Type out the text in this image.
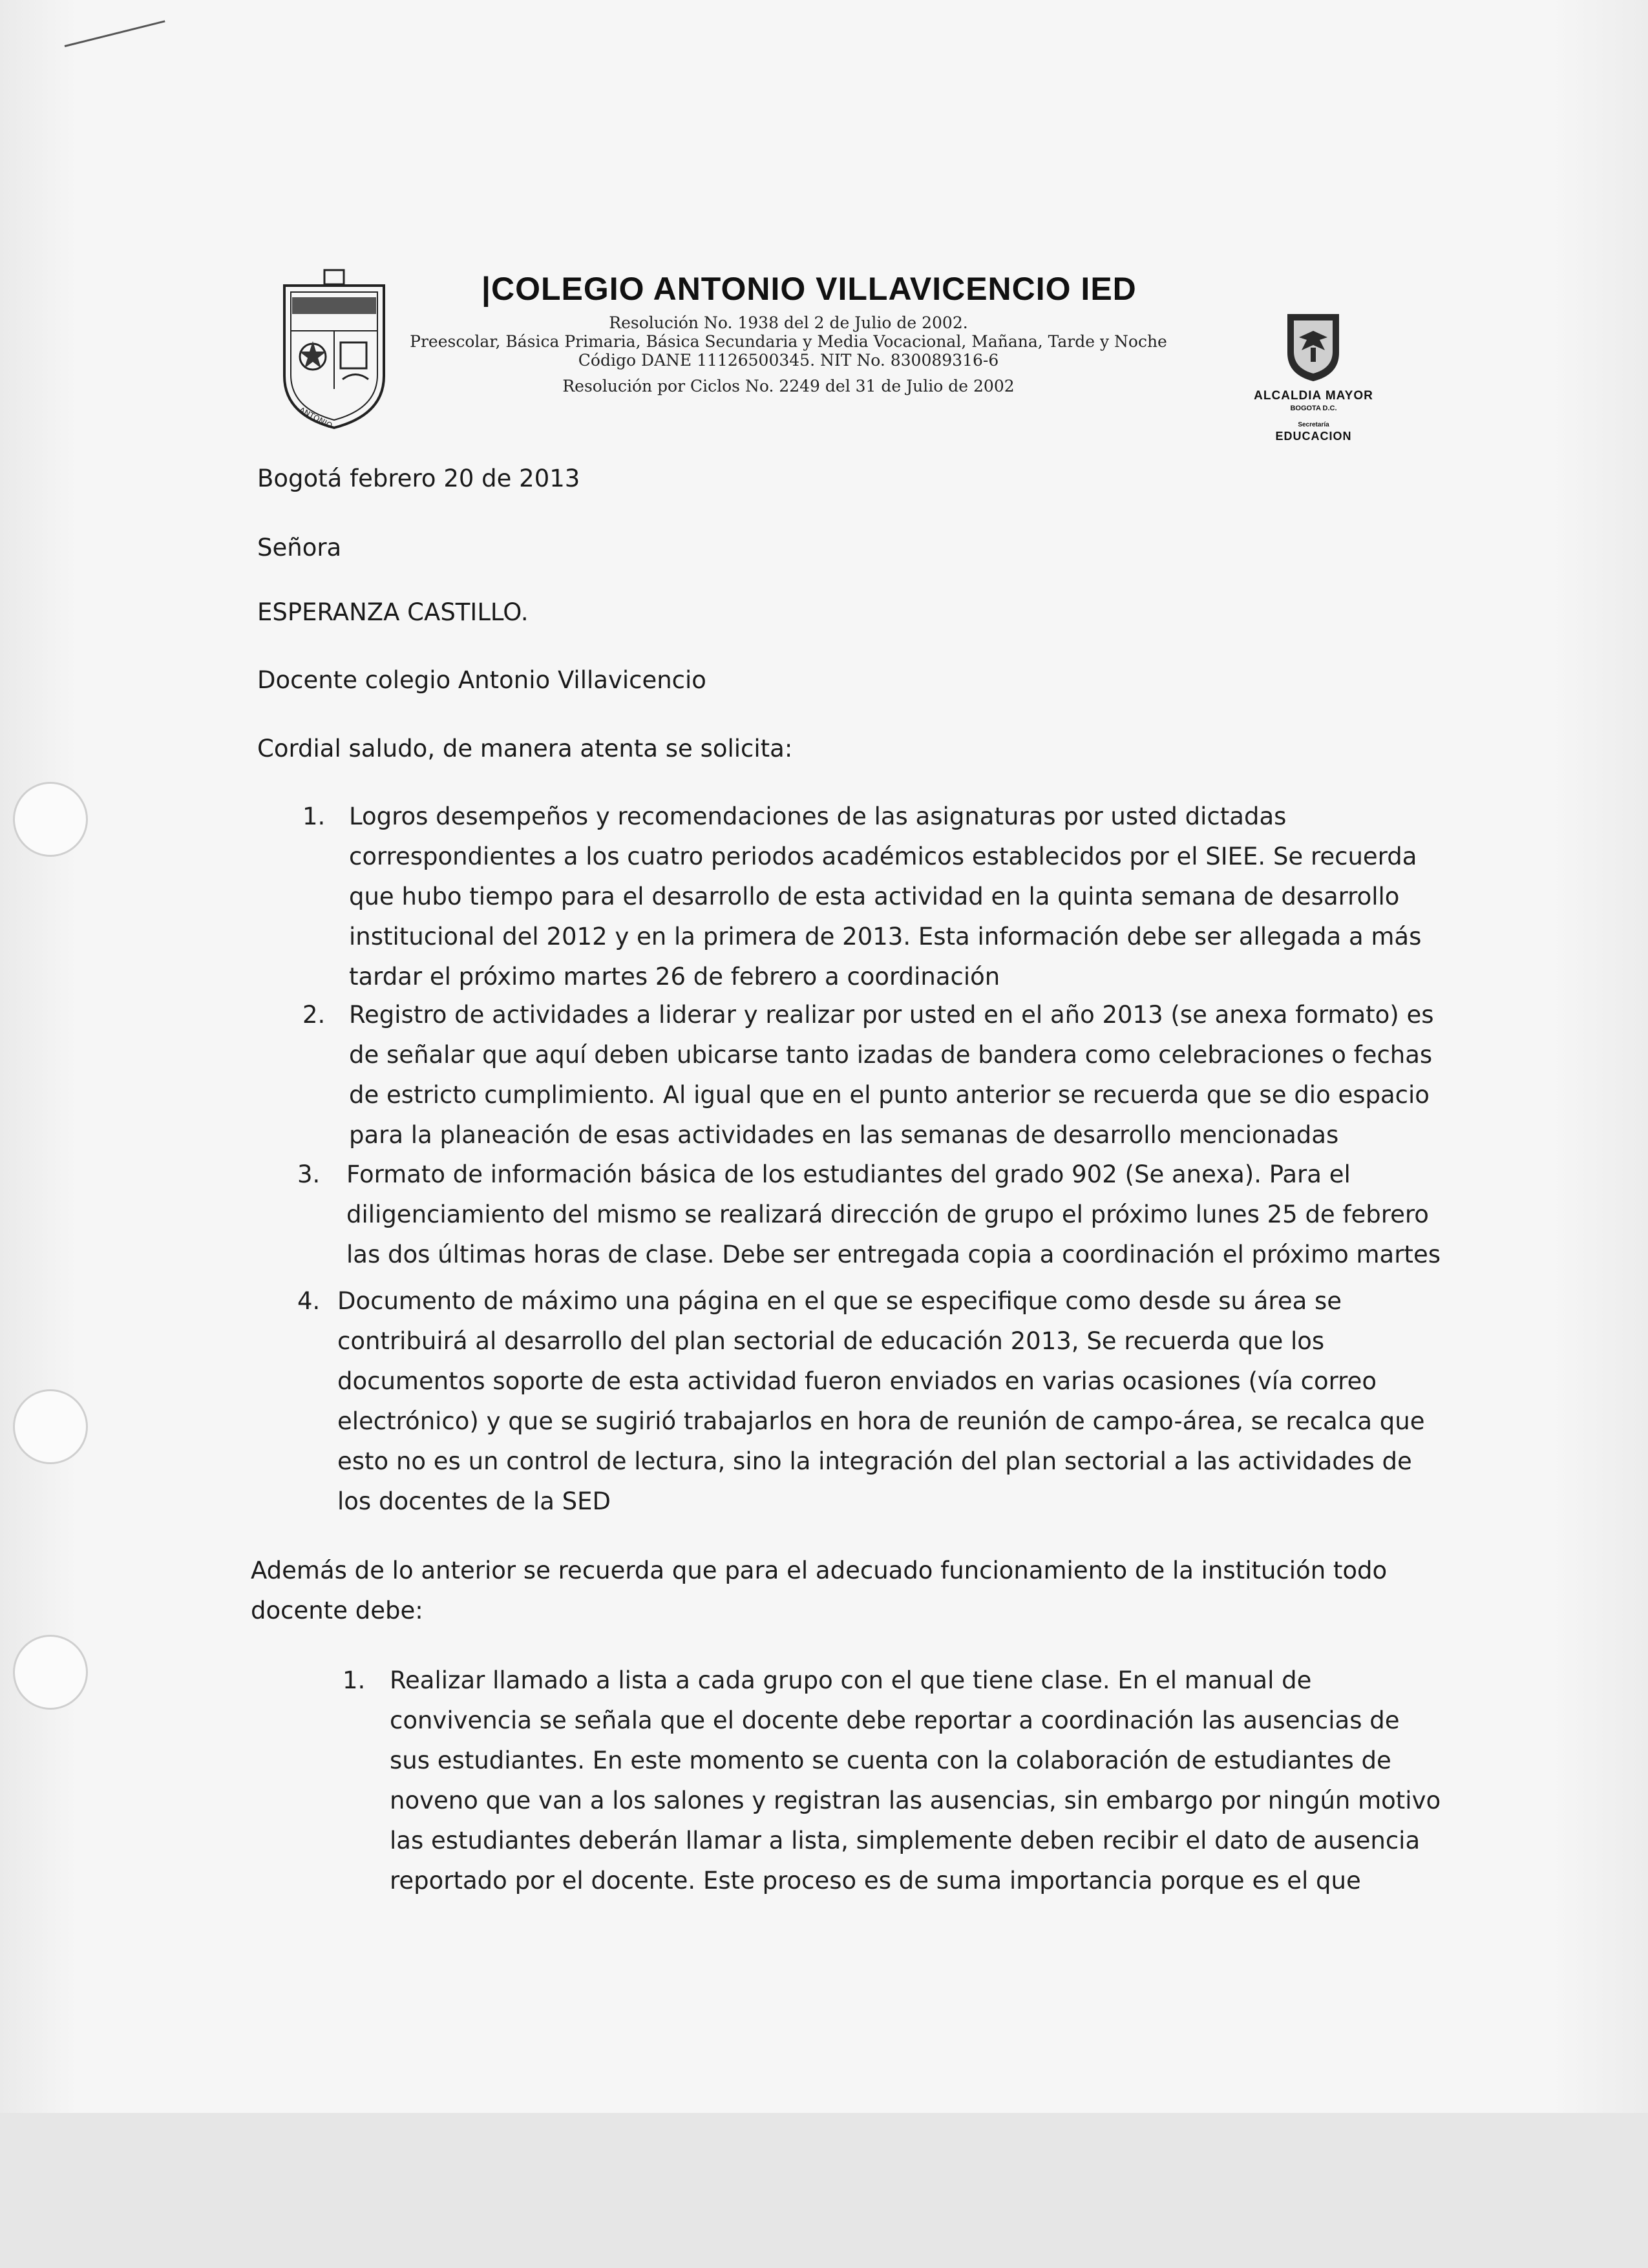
ANTONIO
|COLEGIO ANTONIO VILLAVICENCIO IED
Resolución No. 1938 del 2 de Julio de 2002.
Preescolar, Básica Primaria, Básica Secundaria y Media Vocacional, Mañana, Tarde y Noche
Código DANE 11126500345. NIT No. 830089316-6
Resolución por Ciclos No. 2249 del 31 de Julio de 2002
ALCALDIA MAYOR
BOGOTA D.C.
Secretaría
EDUCACION
Bogotá febrero 20 de 2013
Señora
ESPERANZA CASTILLO.
Docente colegio Antonio Villavicencio
Cordial saludo, de manera atenta se solicita:
1. Logros desempeños y recomendaciones de las asignaturas por usted dictadas
correspondientes a los cuatro periodos académicos establecidos por el SIEE. Se recuerda
que hubo tiempo para el desarrollo de esta actividad en la quinta semana de desarrollo
institucional del 2012 y en la primera de 2013. Esta información debe ser allegada a más
tardar el próximo martes 26 de febrero a coordinación
2. Registro de actividades a liderar y realizar por usted en el año 2013 (se anexa formato) es
de señalar que aquí deben ubicarse tanto izadas de bandera como celebraciones o fechas
de estricto cumplimiento. Al igual que en el punto anterior se recuerda que se dio espacio
para la planeación de esas actividades en las semanas de desarrollo mencionadas
3. Formato de información básica de los estudiantes del grado 902 (Se anexa). Para el
diligenciamiento del mismo se realizará dirección de grupo el próximo lunes 25 de febrero
las dos últimas horas de clase. Debe ser entregada copia a coordinación el próximo martes
4. Documento de máximo una página en el que se especifique como desde su área se
contribuirá al desarrollo del plan sectorial de educación 2013, Se recuerda que los
documentos soporte de esta actividad fueron enviados en varias ocasiones (vía correo
electrónico) y que se sugirió trabajarlos en hora de reunión de campo-área, se recalca que
esto no es un control de lectura, sino la integración del plan sectorial a las actividades de
los docentes de la SED
Además de lo anterior se recuerda que para el adecuado funcionamiento de la institución todo
docente debe:
1. Realizar llamado a lista a cada grupo con el que tiene clase. En el manual de
convivencia se señala que el docente debe reportar a coordinación las ausencias de
sus estudiantes. En este momento se cuenta con la colaboración de estudiantes de
noveno que van a los salones y registran las ausencias, sin embargo por ningún motivo
las estudiantes deberán llamar a lista, simplemente deben recibir el dato de ausencia
reportado por el docente. Este proceso es de suma importancia porque es el que
